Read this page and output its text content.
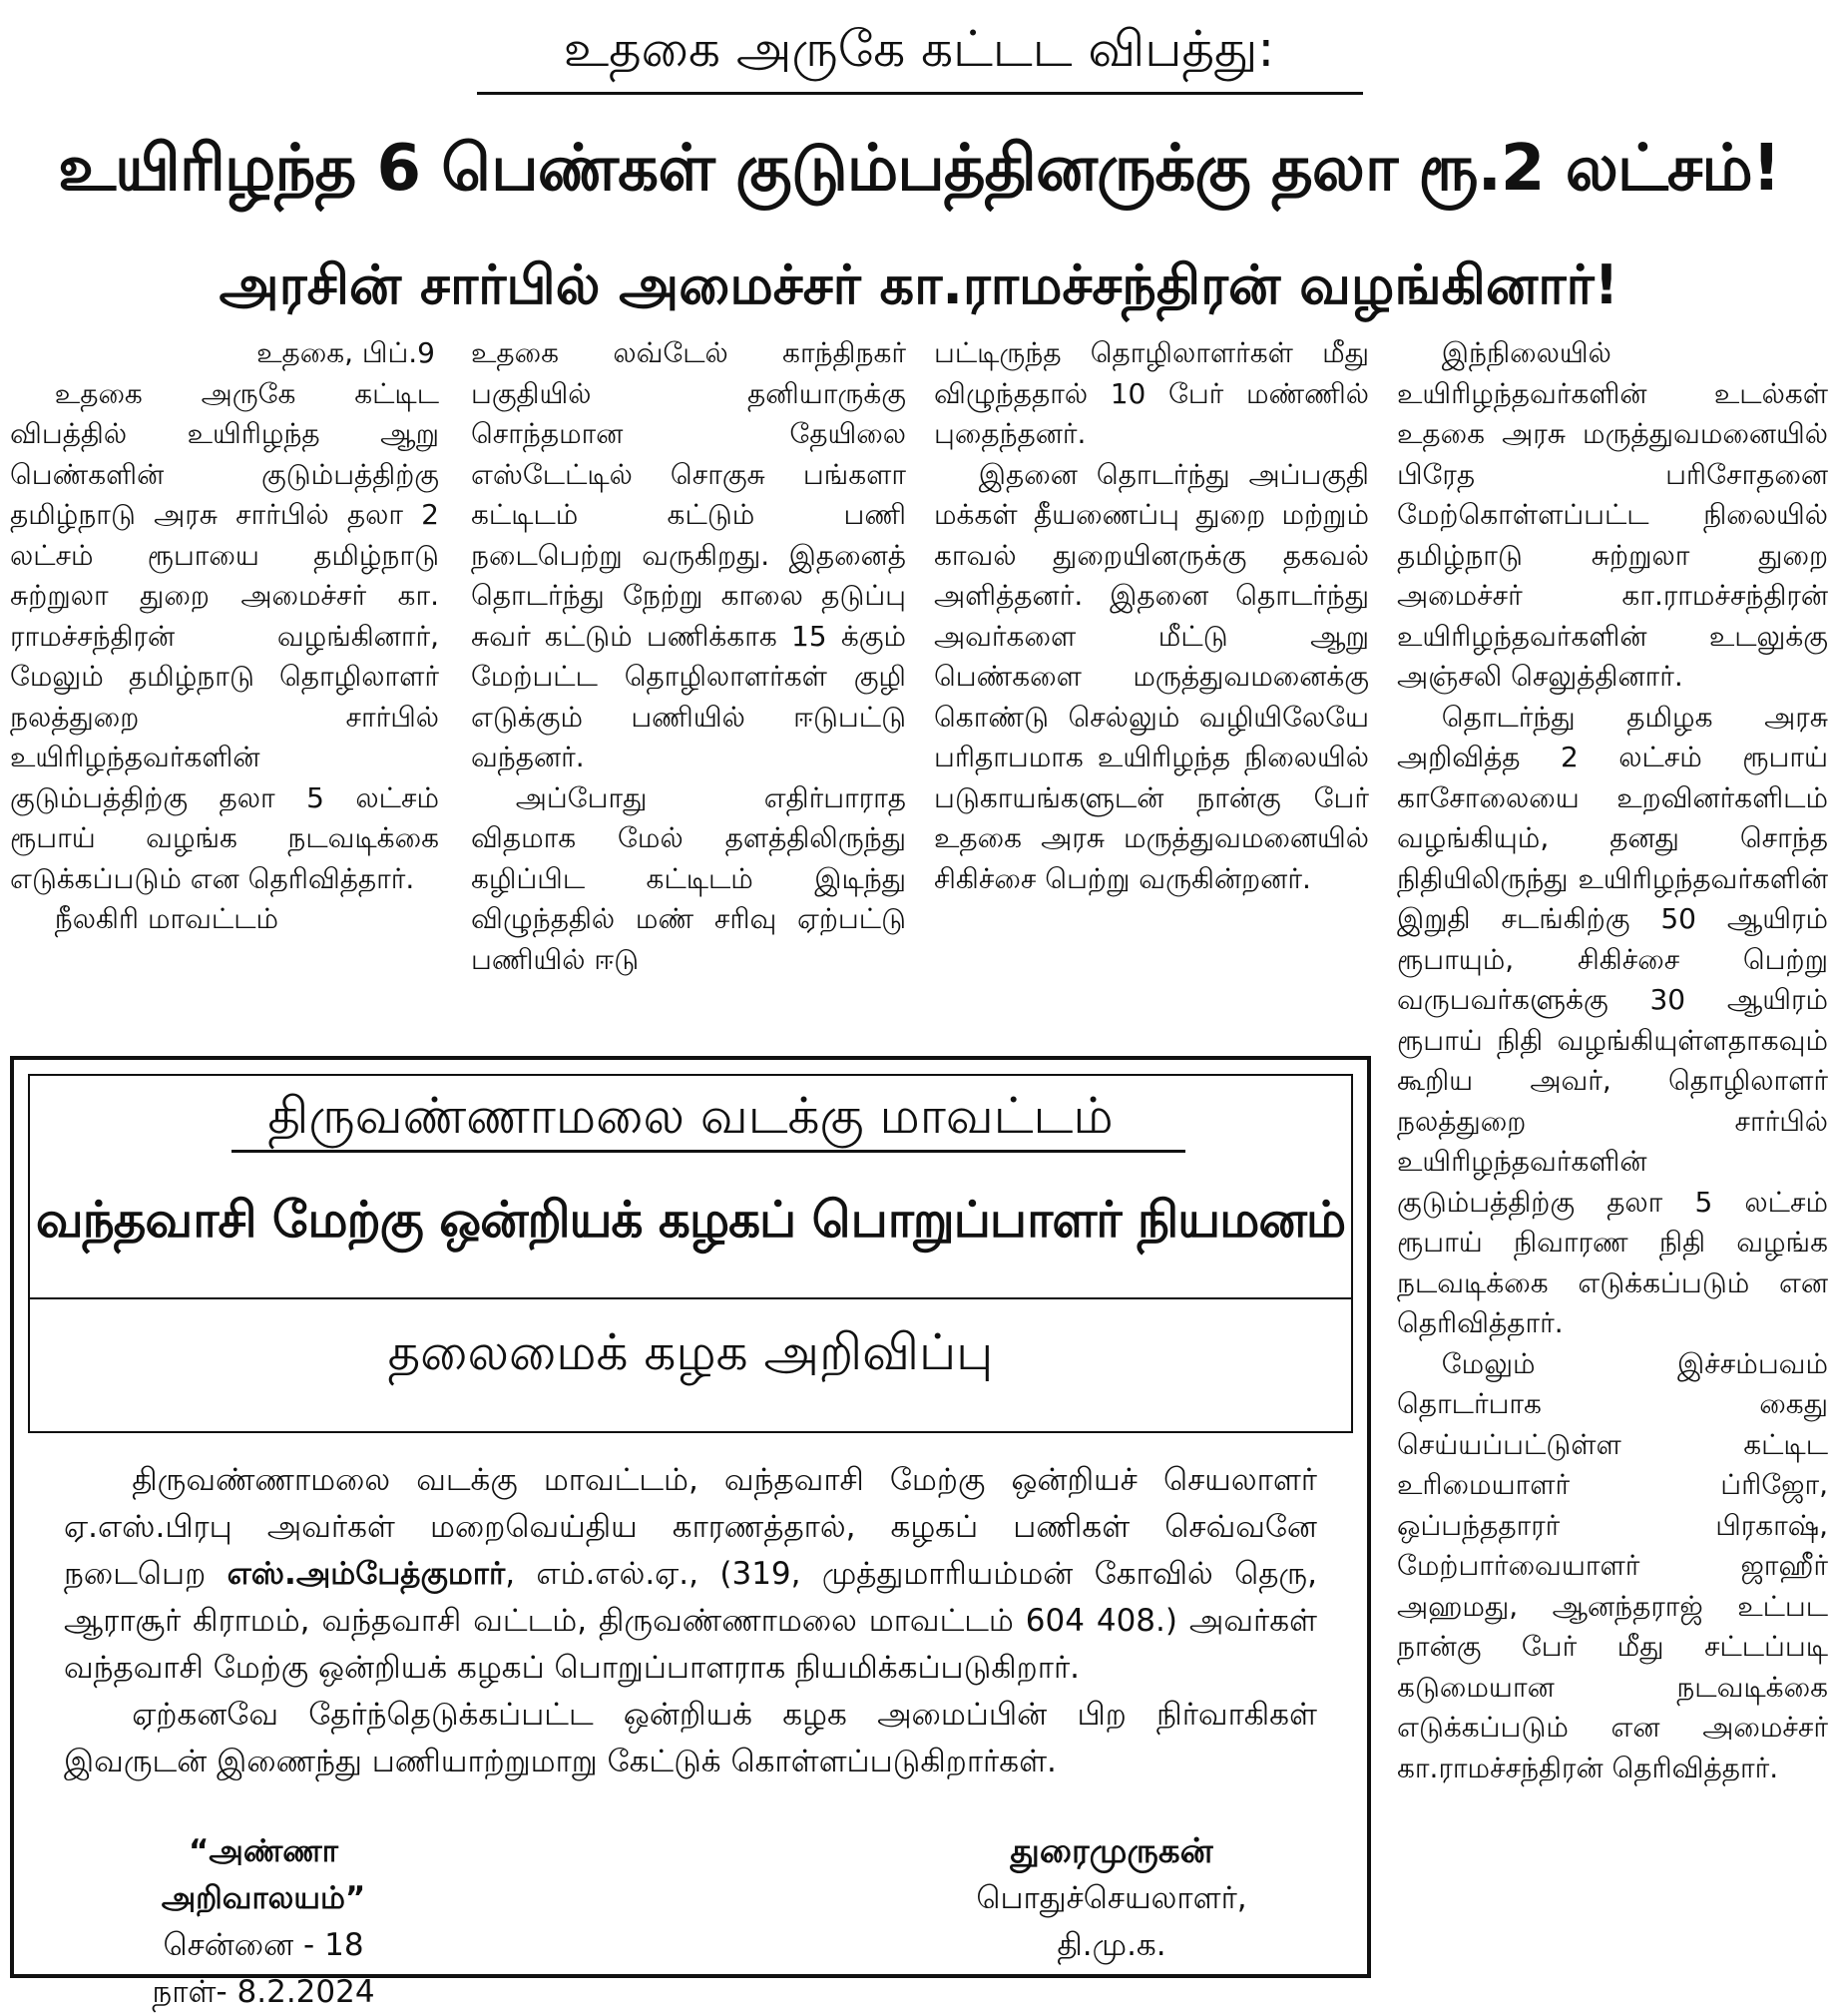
உதகை அருகே கட்டட விபத்து:
உயிரிழந்த 6 பெண்கள் குடும்பத்தினருக்கு தலா ரூ.2 லட்சம்!
அரசின் சார்பில் அமைச்சர் கா.ராமச்சந்திரன் வழங்கினார்!

உதகை, பிப்.9

உதகை அருகே கட்டிட விபத்தில் உயிரிழந்த ஆறு பெண்களின் குடும்பத்திற்கு தமிழ்நாடு அரசு சார்பில் தலா 2 லட்சம் ரூபாயை தமிழ்நாடு சுற்றுலா துறை அமைச்சர் கா. ராமச்சந்திரன் வழங்கினார், மேலும் தமிழ்நாடு தொழிலாளர் நலத்துறை சார்பில் உயிரிழந்தவர்களின் குடும்பத்திற்கு தலா 5 லட்சம் ரூபாய் வழங்க நடவடிக்கை எடுக்கப்படும் என தெரிவித்தார்.

நீலகிரி மாவட்டம்

உதகை லவ்டேல் காந்திநகர் பகுதியில் தனியாருக்கு சொந்தமான தேயிலை எஸ்டேட்டில் சொகுசு பங்களா கட்டிடம் கட்டும் பணி நடைபெற்று வருகிறது. இதனைத் தொடர்ந்து நேற்று காலை தடுப்பு சுவர் கட்டும் பணிக்காக 15 க்கும் மேற்பட்ட தொழிலாளர்கள் குழி எடுக்கும் பணியில் ஈடுபட்டு வந்தனர்.

அப்போது எதிர்பாராத விதமாக மேல் தளத்திலிருந்து கழிப்பிட கட்டிடம் இடிந்து விழுந்ததில் மண் சரிவு ஏற்பட்டு பணியில் ஈடு

பட்டிருந்த தொழிலாளர்கள் மீது விழுந்ததால் 10 பேர் மண்ணில் புதைந்தனர்.

இதனை தொடர்ந்து அப்பகுதி மக்கள் தீயணைப்பு துறை மற்றும் காவல் துறையினருக்கு தகவல் அளித்தனர். இதனை தொடர்ந்து அவர்களை மீட்டு ஆறு பெண்களை மருத்துவமனைக்கு கொண்டு செல்லும் வழியிலேயே பரிதாபமாக உயிரிழந்த நிலையில் படுகாயங்களுடன் நான்கு பேர் உதகை அரசு மருத்துவமனையில் சிகிச்சை பெற்று வருகின்றனர்.

இந்நிலையில் உயிரிழந்தவர்களின் உடல்கள் உதகை அரசு மருத்துவமனையில் பிரேத பரிசோதனை மேற்கொள்ளப்பட்ட நிலையில் தமிழ்நாடு சுற்றுலா துறை அமைச்சர் கா.ராமச்சந்திரன் உயிரிழந்தவர்களின் உடலுக்கு அஞ்சலி செலுத்தினார்.

தொடர்ந்து தமிழக அரசு அறிவித்த 2 லட்சம் ரூபாய் காசோலையை உறவினர்களிடம் வழங்கியும், தனது சொந்த நிதியிலிருந்து உயிரிழந்தவர்களின் இறுதி சடங்கிற்கு 50 ஆயிரம் ரூபாயும், சிகிச்சை பெற்று வருபவர்களுக்கு 30 ஆயிரம் ரூபாய் நிதி வழங்கியுள்ளதாகவும் கூறிய அவர், தொழிலாளர் நலத்துறை சார்பில் உயிரிழந்தவர்களின் குடும்பத்திற்கு தலா 5 லட்சம் ரூபாய் நிவாரண நிதி வழங்க நடவடிக்கை எடுக்கப்படும் என தெரிவித்தார்.

மேலும் இச்சம்பவம் தொடர்பாக கைது செய்யப்பட்டுள்ள கட்டிட உரிமையாளர் ப்ரிஜோ, ஒப்பந்ததாரர் பிரகாஷ், மேற்பார்வையாளர் ஜாஹீர் அஹமது, ஆனந்தராஜ் உட்பட நான்கு பேர் மீது சட்டப்படி கடுமையான நடவடிக்கை எடுக்கப்படும் என அமைச்சர் கா.ராமச்சந்திரன் தெரிவித்தார்.

திருவண்ணாமலை வடக்கு மாவட்டம்
வந்தவாசி மேற்கு ஒன்றியக் கழகப் பொறுப்பாளர் நியமனம்
தலைமைக் கழக அறிவிப்பு

திருவண்ணாமலை வடக்கு மாவட்டம், வந்தவாசி மேற்கு ஒன்றியச் செயலாளர் ஏ.எஸ்.பிரபு அவர்கள் மறைவெய்திய காரணத்தால், கழகப் பணிகள் செவ்வனே நடைபெற எஸ்.அம்பேத்குமார், எம்.எல்.ஏ., (319, முத்துமாரியம்மன் கோவில் தெரு, ஆராசூர் கிராமம், வந்தவாசி வட்டம், திருவண்ணாமலை மாவட்டம் 604 408.) அவர்கள் வந்தவாசி மேற்கு ஒன்றியக் கழகப் பொறுப்பாளராக நியமிக்கப்படுகிறார்.

ஏற்கனவே தேர்ந்தெடுக்கப்பட்ட ஒன்றியக் கழக அமைப்பின் பிற நிர்வாகிகள் இவருடன் இணைந்து பணியாற்றுமாறு கேட்டுக் கொள்ளப்படுகிறார்கள்.

“அண்ணா அறிவாலயம்”
சென்னை - 18
நாள்- 8.2.2024
துரைமுருகன்
பொதுச்செயலாளர்,
தி.மு.க.
